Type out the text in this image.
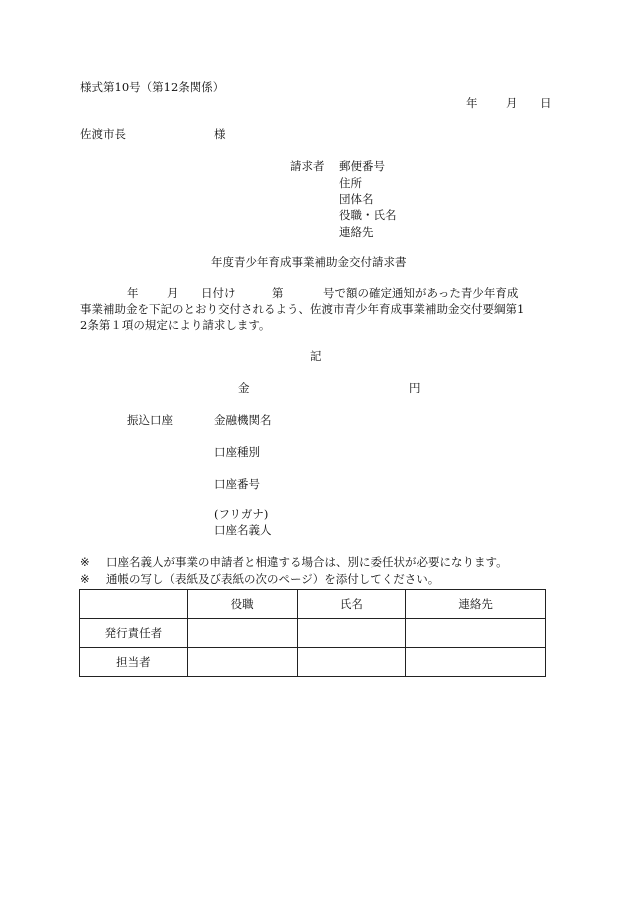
様式第10号（第12条関係）
年 月 日
佐渡市長	様
請求者 郵便番号
住所
団体名
役職・氏名
連絡先
年度青少年育成事業補助金交付請求書
年 月 日付け	第	号で額の確定通知があった青少年育成
事業補助金を下記のとおり交付されるよう、佐渡市青少年育成事業補助金交付要綱第1
2条第１項の規定により請求します。
記
金	円
振込口座	金融機関名
口座種別
口座番号
(フリガナ)
口座名義人
※ 口座名義人が事業の申請者と相違する場合は、別に委任状が必要になります。
※ 通帳の写し（表紙及び表紙の次のページ）を添付してください。
	役職	氏名	連絡先
発行責任者			
担当者			
